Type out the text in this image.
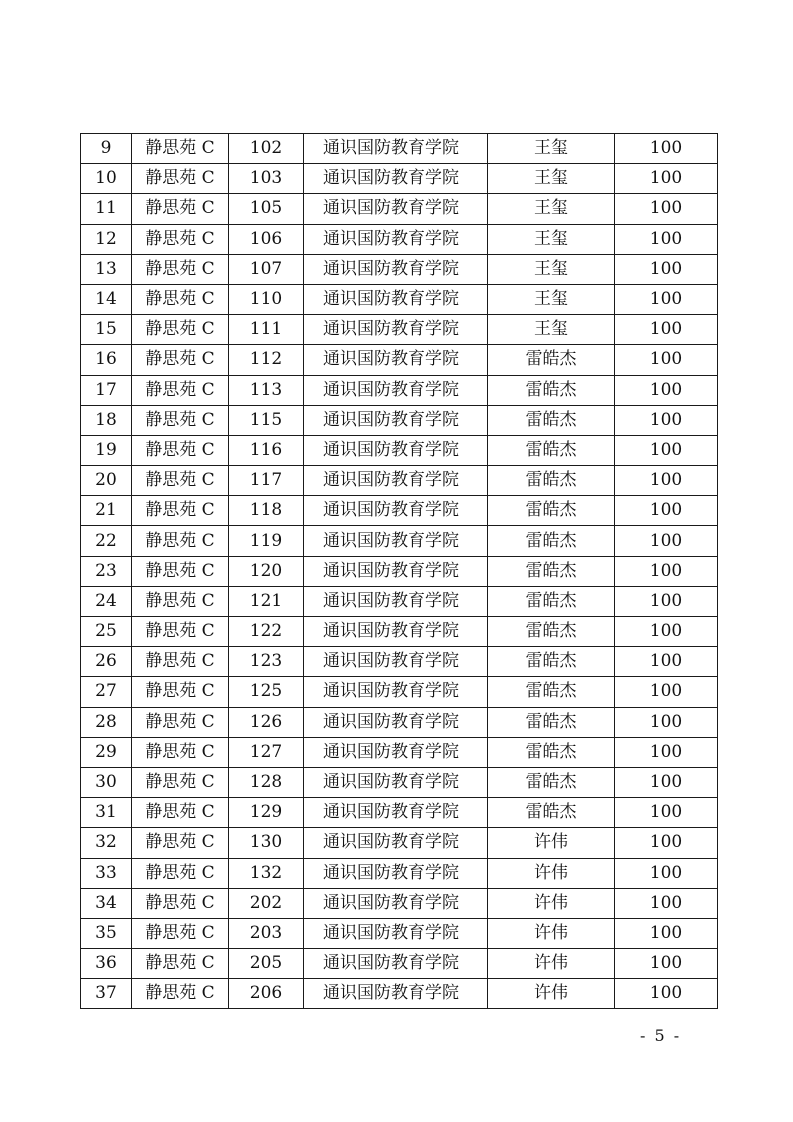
9	静思苑 C	102	通识国防教育学院	王玺	100
10	静思苑 C	103	通识国防教育学院	王玺	100
11	静思苑 C	105	通识国防教育学院	王玺	100
12	静思苑 C	106	通识国防教育学院	王玺	100
13	静思苑 C	107	通识国防教育学院	王玺	100
14	静思苑 C	110	通识国防教育学院	王玺	100
15	静思苑 C	111	通识国防教育学院	王玺	100
16	静思苑 C	112	通识国防教育学院	雷皓杰	100
17	静思苑 C	113	通识国防教育学院	雷皓杰	100
18	静思苑 C	115	通识国防教育学院	雷皓杰	100
19	静思苑 C	116	通识国防教育学院	雷皓杰	100
20	静思苑 C	117	通识国防教育学院	雷皓杰	100
21	静思苑 C	118	通识国防教育学院	雷皓杰	100
22	静思苑 C	119	通识国防教育学院	雷皓杰	100
23	静思苑 C	120	通识国防教育学院	雷皓杰	100
24	静思苑 C	121	通识国防教育学院	雷皓杰	100
25	静思苑 C	122	通识国防教育学院	雷皓杰	100
26	静思苑 C	123	通识国防教育学院	雷皓杰	100
27	静思苑 C	125	通识国防教育学院	雷皓杰	100
28	静思苑 C	126	通识国防教育学院	雷皓杰	100
29	静思苑 C	127	通识国防教育学院	雷皓杰	100
30	静思苑 C	128	通识国防教育学院	雷皓杰	100
31	静思苑 C	129	通识国防教育学院	雷皓杰	100
32	静思苑 C	130	通识国防教育学院	许伟	100
33	静思苑 C	132	通识国防教育学院	许伟	100
34	静思苑 C	202	通识国防教育学院	许伟	100
35	静思苑 C	203	通识国防教育学院	许伟	100
36	静思苑 C	205	通识国防教育学院	许伟	100
37	静思苑 C	206	通识国防教育学院	许伟	100
- 5 -
